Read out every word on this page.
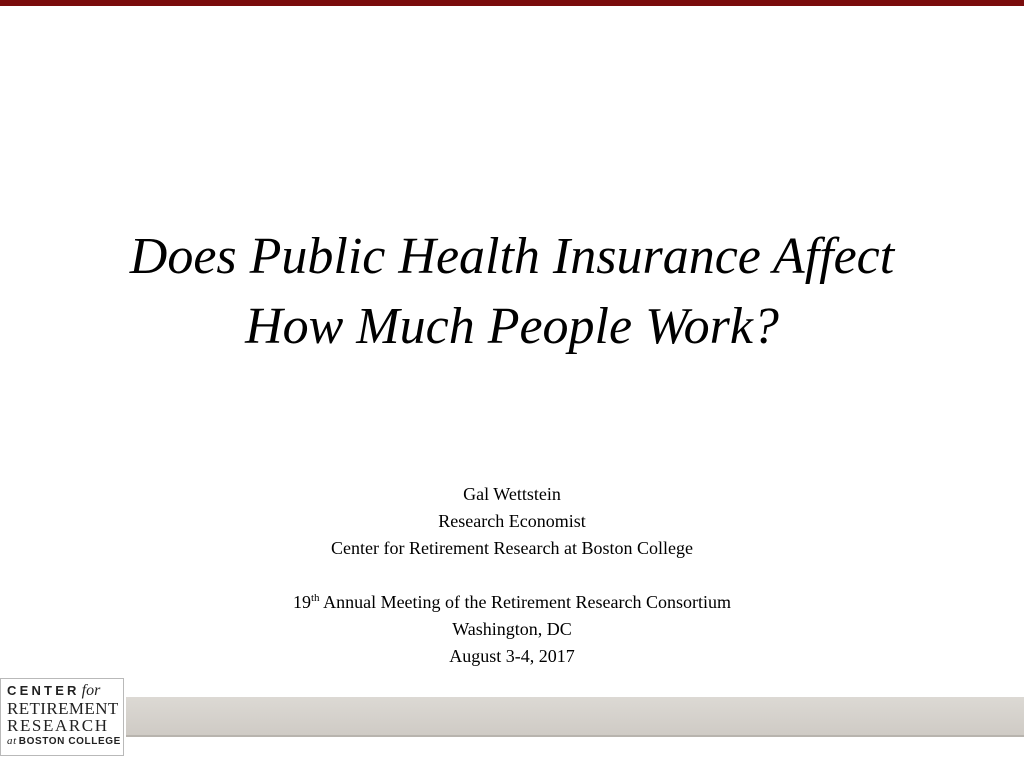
Does Public Health Insurance Affect
How Much People Work?
Gal Wettstein
Research Economist
Center for Retirement Research at Boston College
19th Annual Meeting of the Retirement Research Consortium
Washington, DC
August 3-4, 2017
CENTER for
RETIREMENT
RESEARCH
at BOSTON COLLEGE
